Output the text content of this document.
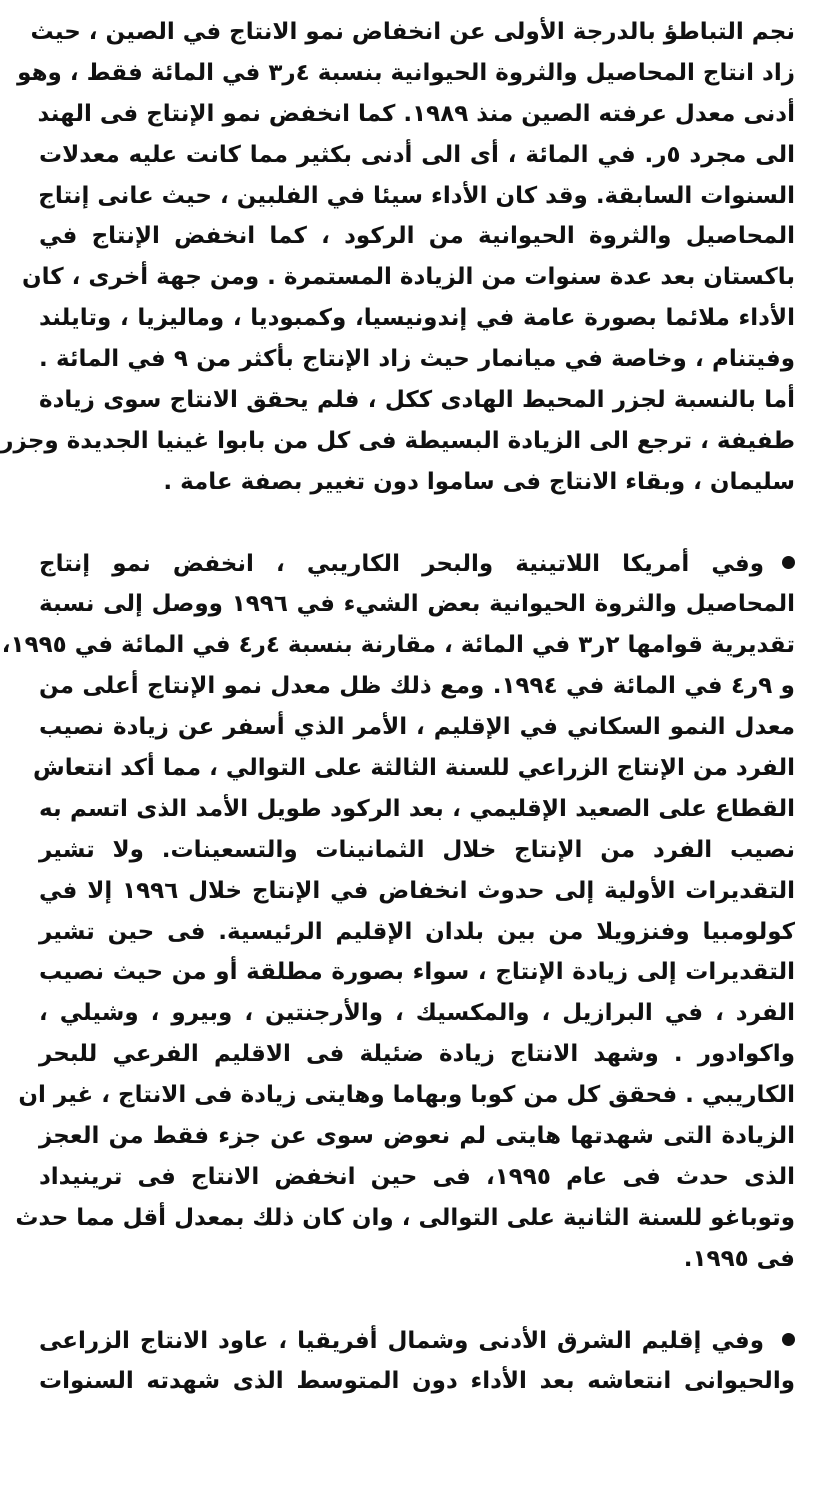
نجم التباطؤ بالدرجة الأولى عن انخفاض نمو الانتاج في الصين ، حيث
زاد انتاج المحاصيل والثروة الحيوانية بنسبة ٤ر٣ في المائة فقط ، وهو
أدنى معدل عرفته الصين منذ ١٩٨٩. كما انخفض نمو الإنتاج فى الهند
الى مجرد ٥ر. في المائة ، أى الى أدنى بكثير مما كانت عليه معدلات
السنوات السابقة. وقد كان الأداء سيئا في الفلبين ، حيث عانى إنتاج
المحاصيل والثروة الحيوانية من الركود ، كما انخفض الإنتاج في
باكستان بعد عدة سنوات من الزيادة المستمرة . ومن جهة أخرى ، كان
الأداء ملائما بصورة عامة في إندونيسيا، وكمبوديا ، وماليزيا ، وتايلند
وفيتنام ، وخاصة في ميانمار حيث زاد الإنتاج بأكثر من ٩ في المائة .
أما بالنسبة لجزر المحيط الهادى ككل ، فلم يحقق الانتاج سوى زيادة
طفيفة ، ترجع الى الزيادة البسيطة فى كل من بابوا غينيا الجديدة وجزر
سليمان ، وبقاء الانتاج فى ساموا دون تغيير بصفة عامة .
وفي أمريكا اللاتينية والبحر الكاريبي ، انخفض نمو إنتاج
المحاصيل والثروة الحيوانية بعض الشيء في ١٩٩٦ ووصل إلى نسبة
تقديرية قوامها ٢ر٣ في المائة ، مقارنة بنسبة ٤ر٤ في المائة في ١٩٩٥،
و ٩ر٤ في المائة في ١٩٩٤. ومع ذلك ظل معدل نمو الإنتاج أعلى من
معدل النمو السكاني في الإقليم ، الأمر الذي أسفر عن زيادة نصيب
الفرد من الإنتاج الزراعي للسنة الثالثة على التوالي ، مما أكد انتعاش
القطاع على الصعيد الإقليمي ، بعد الركود طويل الأمد الذى اتسم به
نصيب الفرد من الإنتاج خلال الثمانينات والتسعينات. ولا تشير
التقديرات الأولية إلى حدوث انخفاض في الإنتاج خلال ١٩٩٦ إلا في
كولومبيا وفنزويلا من بين بلدان الإقليم الرئيسية. فى حين تشير
التقديرات إلى زيادة الإنتاج ، سواء بصورة مطلقة أو من حيث نصيب
الفرد ، في البرازيل ، والمكسيك ، والأرجنتين ، وبيرو ، وشيلي ،
واكوادور . وشهد الانتاج زيادة ضئيلة فى الاقليم الفرعي للبحر
الكاريبي . فحقق كل من كوبا وبهاما وهايتى زيادة فى الانتاج ، غير ان
الزيادة التى شهدتها هايتى لم نعوض سوى عن جزء فقط من العجز
الذى حدث فى عام ١٩٩٥، فى حين انخفض الانتاج فى ترينيداد
وتوباغو للسنة الثانية على التوالى ، وان كان ذلك بمعدل أقل مما حدث
فى ١٩٩٥.
وفي إقليم الشرق الأدنى وشمال أفريقيا ، عاود الانتاج الزراعى
والحيوانى انتعاشه بعد الأداء دون المتوسط الذى شهدته السنوات
